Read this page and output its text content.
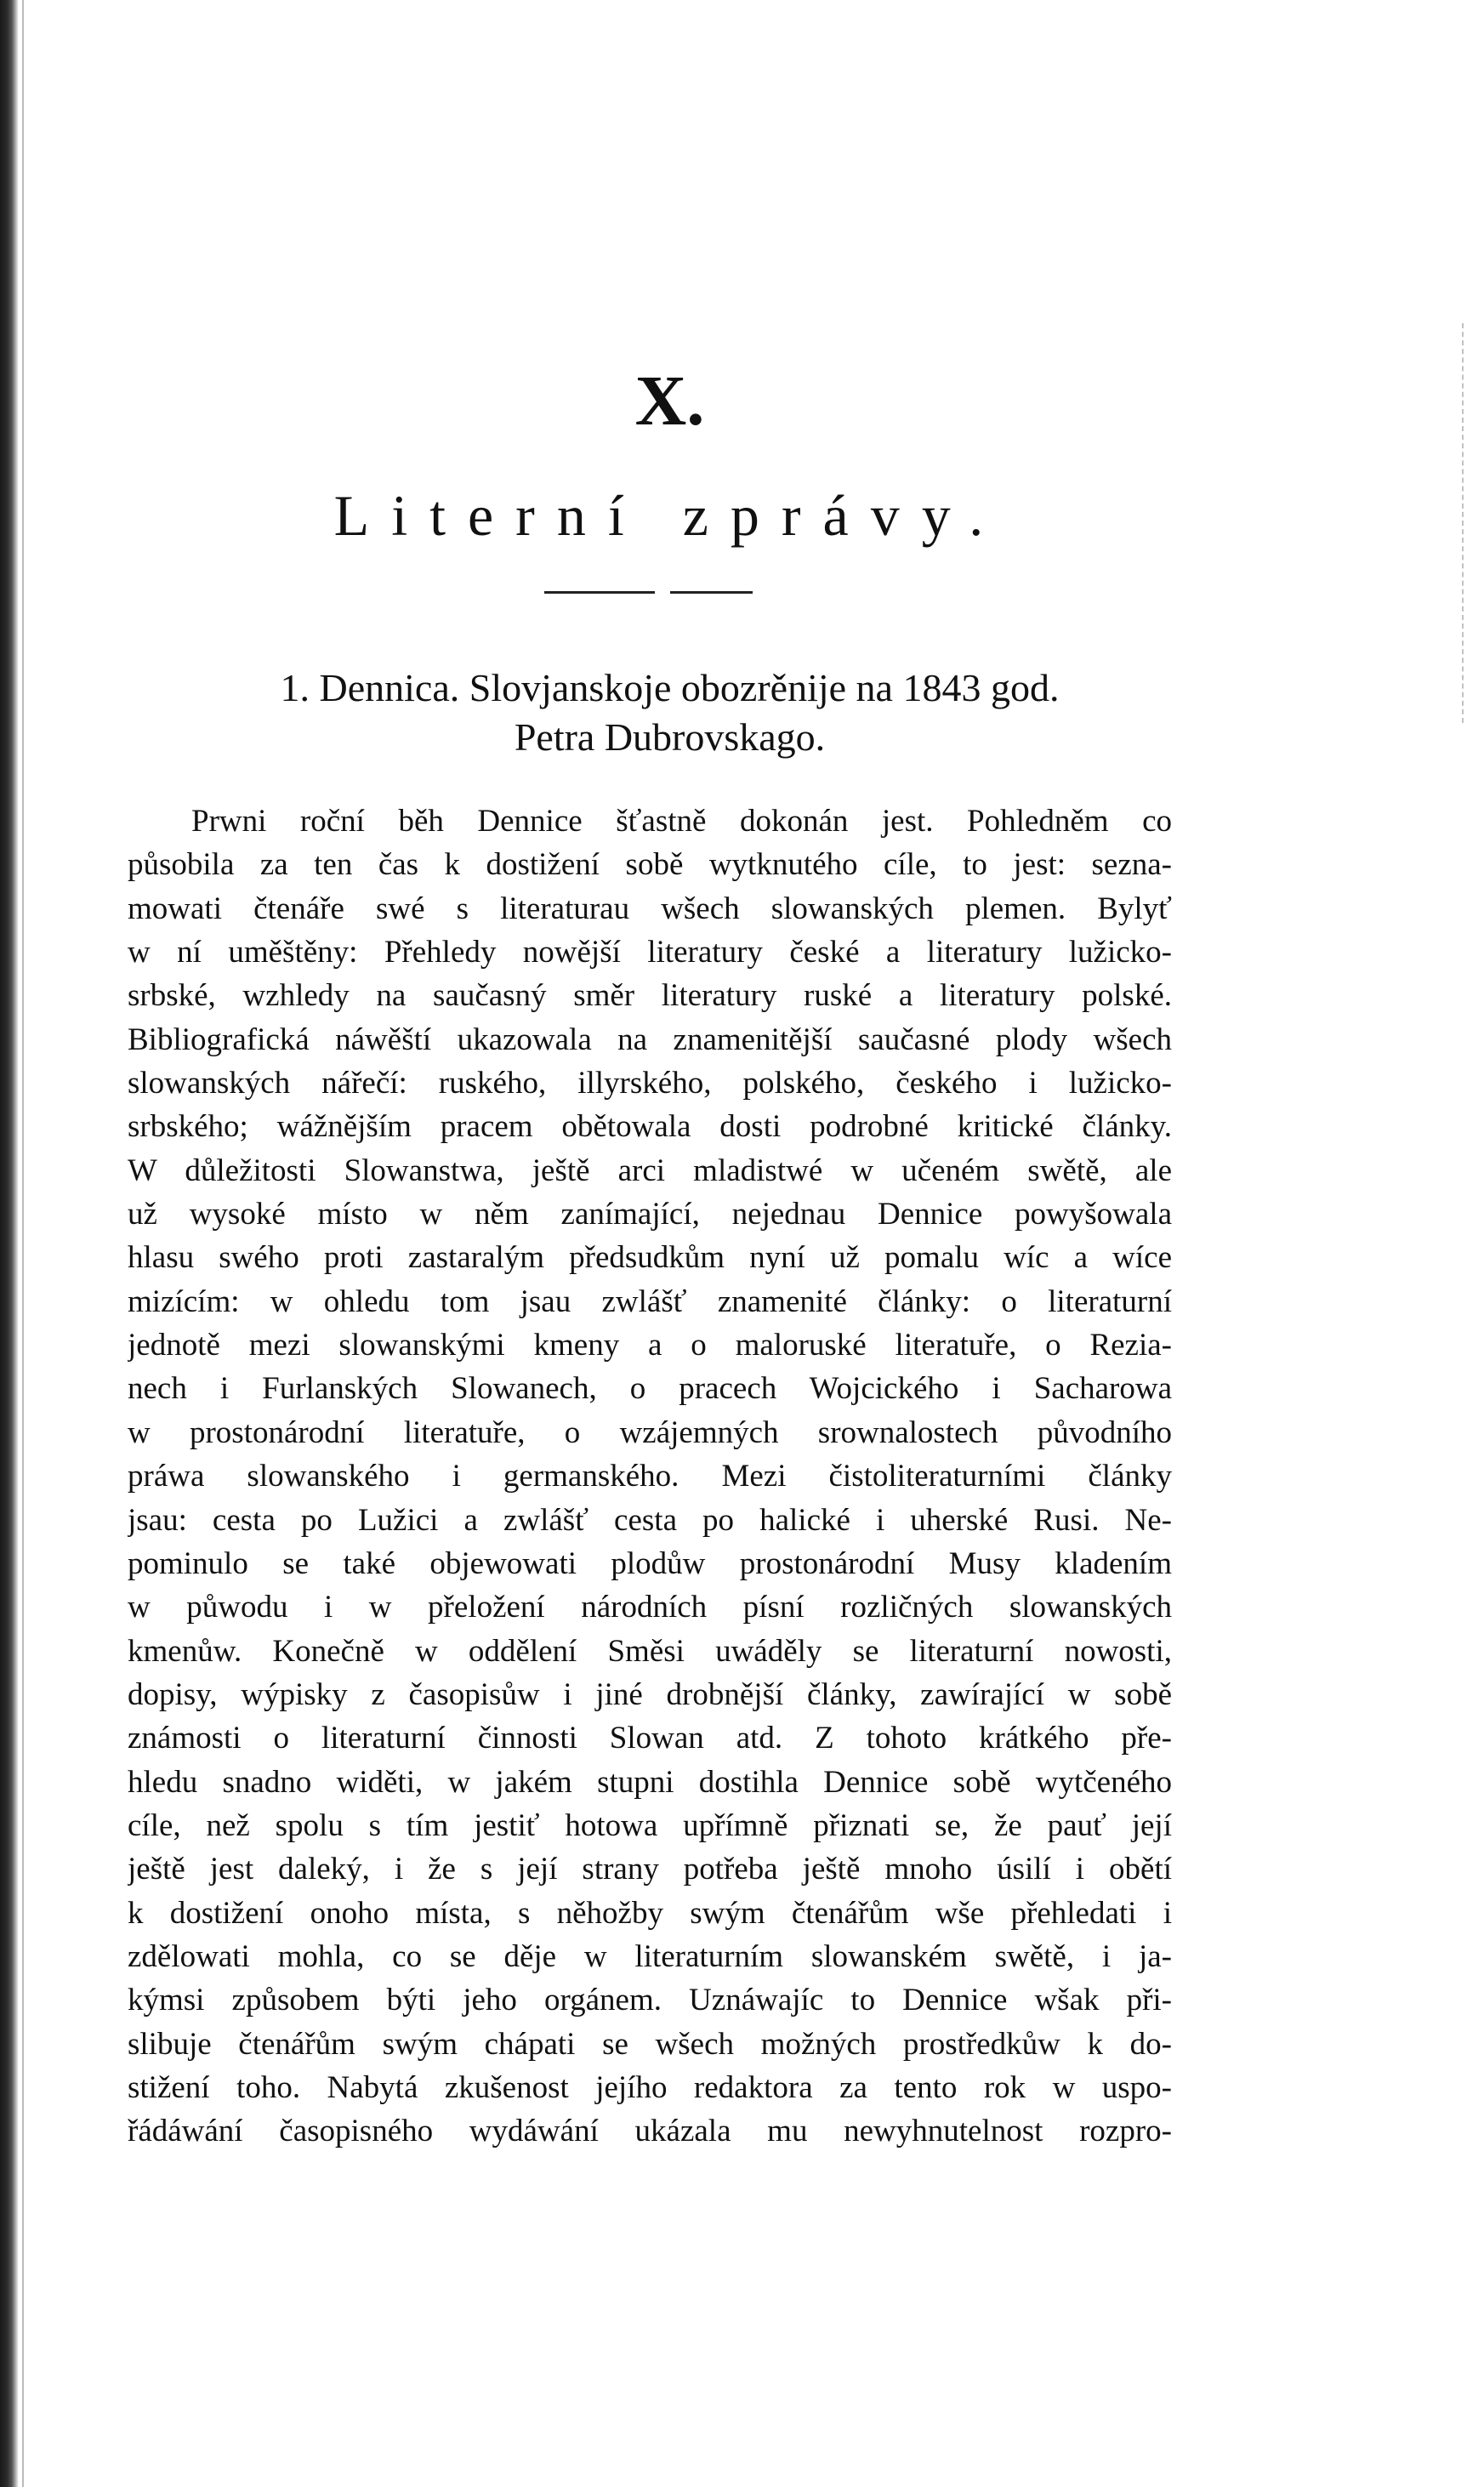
X.
Literní zprávy.
1. Dennica. Slovjanskoje obozrěnije na 1843 god.
Petra Dubrovskago.
Prwni roční běh Dennice šťastně dokonán jest. Pohledněm co
působila za ten čas k dostižení sobě wytknutého cíle, to jest: sezna-
mowati čtenáře swé s literaturau wšech slowanských plemen. Bylyť
w ní uměštěny: Přehledy nowější literatury české a literatury lužicko-
srbské, wzhledy na saučasný směr literatury ruské a literatury polské.
Bibliografická náwěští ukazowala na znamenitější saučasné plody wšech
slowanských nářečí: ruského, illyrského, polského, českého i lužicko-
srbského; wážnějším pracem obětowala dosti podrobné kritické články.
W důležitosti Slowanstwa, ještě arci mladistwé w učeném swětě, ale
už wysoké místo w něm zanímající, nejednau Dennice powyšowala
hlasu swého proti zastaralým předsudkům nyní už pomalu wíc a wíce
mizícím: w ohledu tom jsau zwlášť znamenité články: o literaturní
jednotě mezi slowanskými kmeny a o maloruské literatuře, o Rezia-
nech i Furlanských Slowanech, o pracech Wojcického i Sacharowa
w prostonárodní literatuře, o wzájemných srownalostech původního
práwa slowanského i germanského. Mezi čistoliteraturními články
jsau: cesta po Lužici a zwlášť cesta po halické i uherské Rusi. Ne-
pominulo se také objewowati plodůw prostonárodní Musy kladením
w půwodu i w přeložení národních písní rozličných slowanských
kmenůw. Konečně w oddělení Směsi uwáděly se literaturní nowosti,
dopisy, wýpisky z časopisůw i jiné drobnější články, zawírající w sobě
známosti o literaturní činnosti Slowan atd. Z tohoto krátkého pře-
hledu snadno widěti, w jakém stupni dostihla Dennice sobě wytčeného
cíle, než spolu s tím jestiť hotowa upřímně přiznati se, že pauť její
ještě jest daleký, i že s její strany potřeba ještě mnoho úsilí i obětí
k dostižení onoho místa, s něhožby swým čtenářům wše přehledati i
zdělowati mohla, co se děje w literaturním slowanském swětě, i ja-
kýmsi způsobem býti jeho orgánem. Uznáwajíc to Dennice wšak při-
slibuje čtenářům swým chápati se wšech možných prostředkůw k do-
stižení toho. Nabytá zkušenost jejího redaktora za tento rok w uspo-
řádáwání časopisného wydáwání ukázala mu newyhnutelnost rozpro-
